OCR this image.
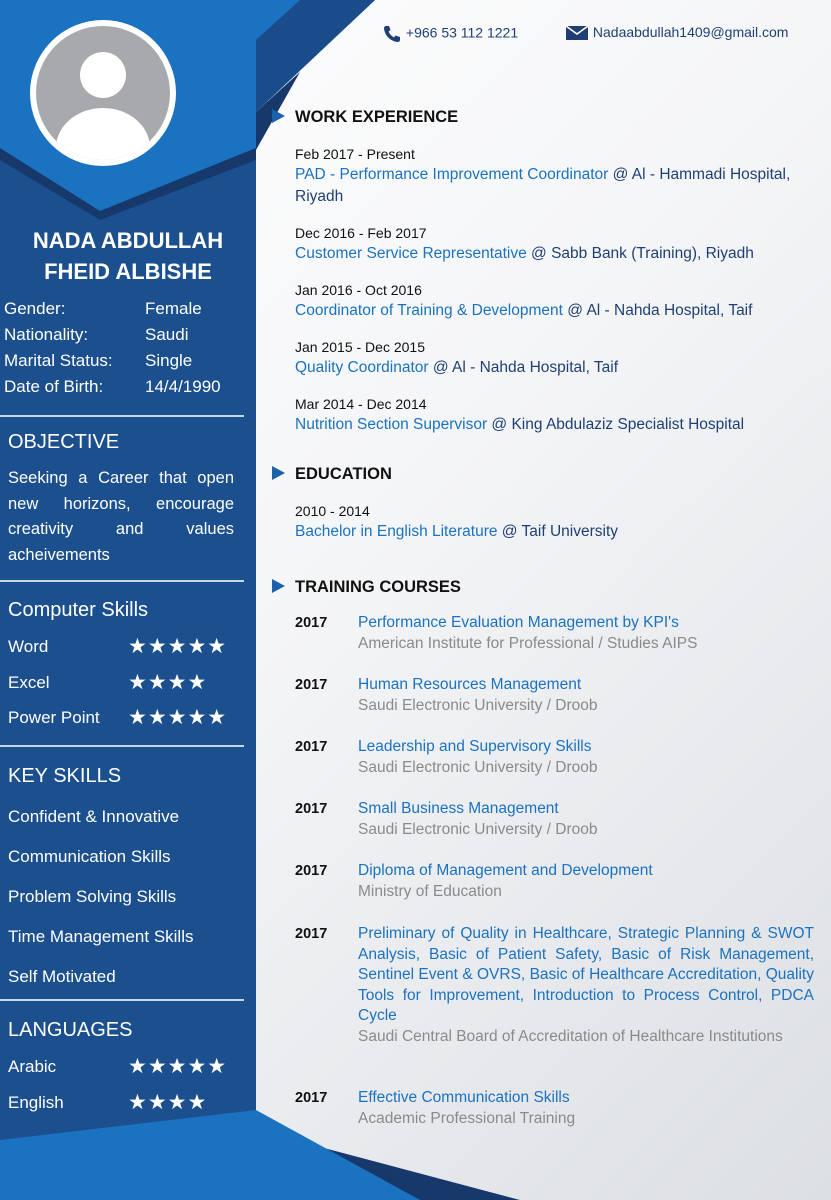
NADA ABDULLAH
FHEID ALBISHE
Gender:	Female
Nationality:	Saudi
Marital Status: Single
Date of Birth: 14/4/1990
OBJECTIVE
Seeking a Career that open new horizons, encourage creativity and values acheivements
Computer Skills
Word	★★★★★
Excel	★★★★
Power Point ★★★★★
KEY SKILLS
Confident & Innovative
Communication Skills
Problem Solving Skills
Time Management Skills
Self Motivated
LANGUAGES
Arabic	★★★★★
English	★★★★
+966 53 112 1221	Nadaabdullah1409@gmail.com
WORK EXPERIENCE
Feb 2017 - Present
PAD - Performance Improvement Coordinator @ Al - Hammadi Hospital, Riyadh
Dec 2016 - Feb 2017
Customer Service Representative @ Sabb Bank (Training), Riyadh
Jan 2016 - Oct 2016
Coordinator of Training & Development @ Al - Nahda Hospital, Taif
Jan 2015 - Dec 2015
Quality Coordinator @ Al - Nahda Hospital, Taif
Mar 2014 - Dec 2014
Nutrition Section Supervisor @ King Abdulaziz Specialist Hospital
EDUCATION
2010 - 2014
Bachelor in English Literature @ Taif University
TRAINING COURSES
2017 Performance Evaluation Management by KPI's
American Institute for Professional / Studies AIPS
2017 Human Resources Management
Saudi Electronic University / Droob
2017 Leadership and Supervisory Skills
Saudi Electronic University / Droob
2017 Small Business Management
Saudi Electronic University / Droob
2017 Diploma of Management and Development
Ministry of Education
2017 Preliminary of Quality in Healthcare, Strategic Planning & SWOT Analysis, Basic of Patient Safety, Basic of Risk Management, Sentinel Event & OVRS, Basic of Healthcare Accreditation, Quality Tools for Improvement, Introduction to Process Control, PDCA Cycle
Saudi Central Board of Accreditation of Healthcare Institutions
2017 Effective Communication Skills
Academic Professional Training
